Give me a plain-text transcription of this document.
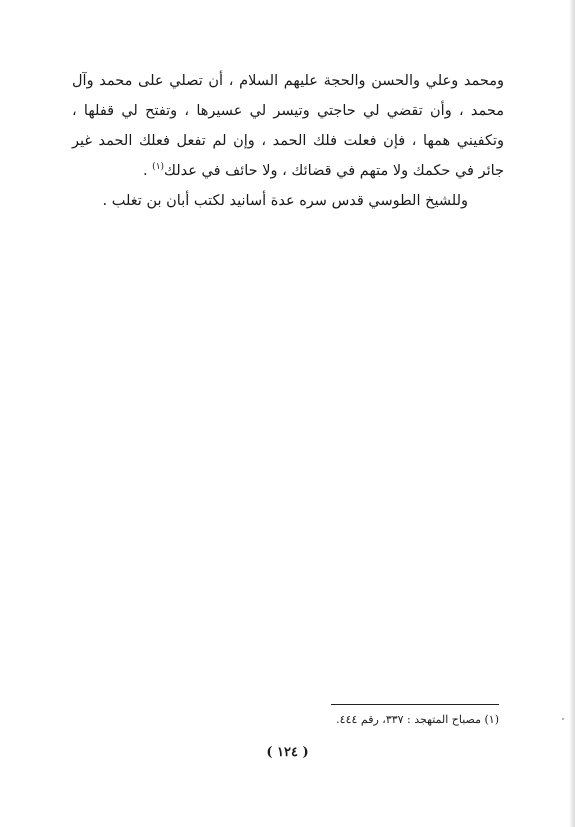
ومحمد وعلي والحسن والحجة عليهم السلام ، أن تصلي على محمد وآل محمد ، وأن تقضي لي حاجتي وتيسر لي عسيرها ، وتفتح لي قفلها ، وتكفيني همها ، فإن فعلت فلك الحمد ، وإن لم تفعل فعلك الحمد غير جائر في حكمك ولا متهم في قضائك ، ولا حائف في عدلك$^{(١)}$ .

وللشيخ الطوسي قدس سره عدة أسانيد لكتب أبان بن تغلب .

(١) مصباح المتهجد : ٣٣٧، رقم ٤٤٤.
( ١٢٤ )
